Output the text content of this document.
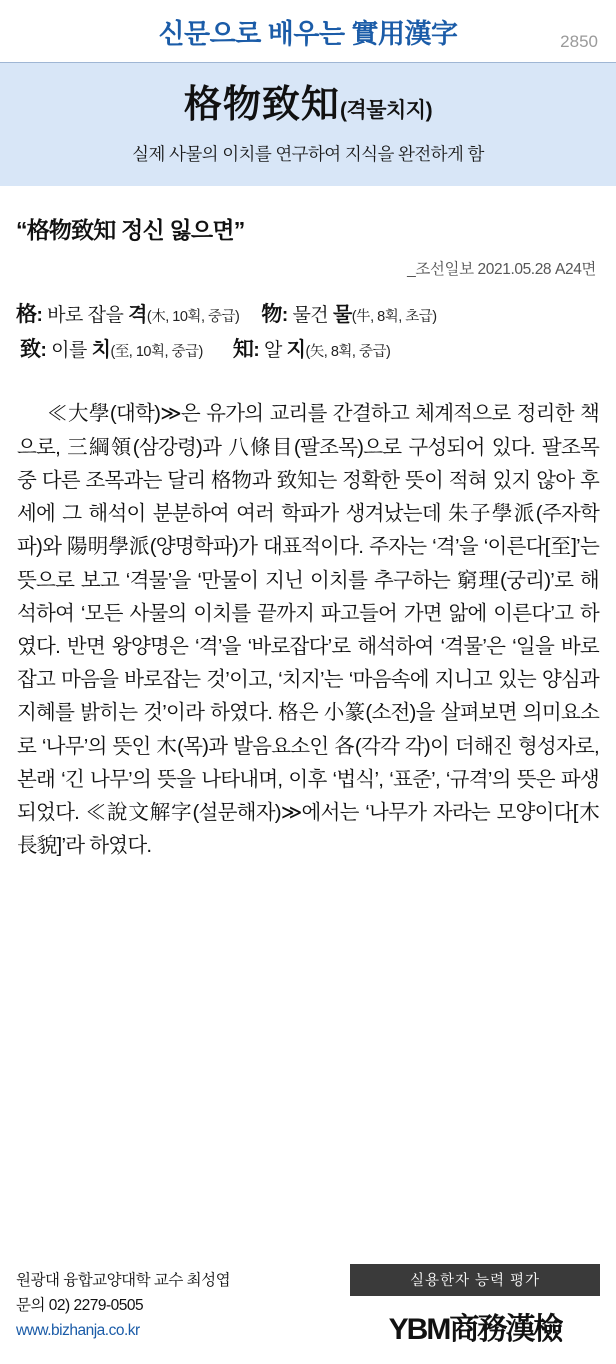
신문으로 배우는 實用漢字	2850
格物致知(격물치지)
실제 사물의 이치를 연구하여 지식을 완전하게 함
“格物致知 정신 잃으면”
_조선일보 2021.05.28 A24면
格: 바로 잡을 격(木, 10획, 중급) 物: 물건 물(牛, 8획, 초급)
致: 이를 치(至, 10획, 중급) 知: 알 지(矢, 8획, 중급)

≪大學(대학)≫은 유가의 교리를 간결하고 체계적으로 정리한 책으로, 三綱領(삼강령)과 八條目(팔조목)으로 구성되어 있다. 팔조목 중 다른 조목과는 달리 格物과 致知는 정확한 뜻이 적혀 있지 않아 후세에 그 해석이 분분하여 여러 학파가 생겨났는데 朱子學派(주자학파)와 陽明學派(양명학파)가 대표적이다. 주자는 ‘격’을 ‘이른다[至]’는 뜻으로 보고 ‘격물’을 ‘만물이 지닌 이치를 추구하는 窮理(궁리)’로 해석하여 ‘모든 사물의 이치를 끝까지 파고들어 가면 앎에 이른다’고 하였다. 반면 왕양명은 ‘격’을 ‘바로잡다’로 해석하여 ‘격물’은 ‘일을 바로 잡고 마음을 바로잡는 것’이고, ‘치지’는 ‘마음속에 지니고 있는 양심과 지혜를 밝히는 것’이라 하였다. 格은 小篆(소전)을 살펴보면 의미요소로 ‘나무’의 뜻인 木(목)과 발음요소인 各(각각 각)이 더해진 형성자로, 본래 ‘긴 나무’의 뜻을 나타내며, 이후 ‘법식’, ‘표준’, ‘규격’의 뜻은 파생되었다. ≪說文解字(설문해자)≫에서는 ‘나무가 자라는 모양이다[木長貌]’라 하였다.

원광대 융합교양대학 교수 최성엽
문의 02) 2279-0505
www.bizhanja.co.kr
실용한자 능력 평가
YBM商務漢檢
